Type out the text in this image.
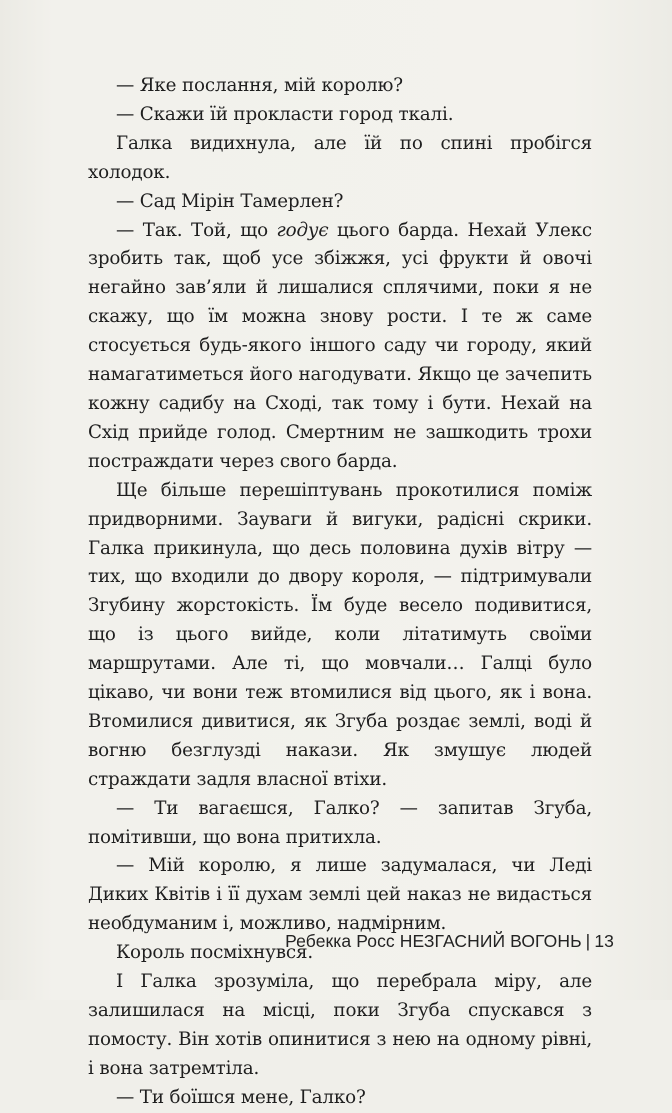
— Яке послання, мій королю?

— Скажи їй прокласти город ткалі.

Галка видихнула, але їй по спині пробігся холодок.

— Сад Мірін Тамерлен?

— Так. Той, що годує цього барда. Нехай Улекс зробить так, щоб усе збіжжя, усі фрукти й овочі негайно зав’яли й лишалися сплячими, поки я не скажу, що їм можна знову рости. І те ж саме стосується будь-якого іншого саду чи городу, який намагатиметься його нагодувати. Якщо це зачепить кожну садибу на Сході, так тому і бути. Нехай на Схід прийде голод. Смертним не зашкодить трохи постраждати через свого барда.

Ще більше перешіптувань прокотилися поміж придворними. Зауваги й вигуки, радісні скрики. Галка прикинула, що десь половина духів вітру — тих, що входили до двору короля, — підтримували Згубину жорстокість. Їм буде весело подивитися, що із цього вийде, коли літатимуть своїми маршрутами. Але ті, що мовчали… Галці було цікаво, чи вони теж втомилися від цього, як і вона. Втомилися дивитися, як Згуба роздає землі, воді й вогню безглузді накази. Як змушує людей страждати задля власної втіхи.

— Ти вагаєшся, Галко? — запитав Згуба, помітивши, що вона притихла.

— Мій королю, я лише задумалася, чи Леді Диких Квітів і її духам землі цей наказ не видасться необдуманим і, можливо, надмірним.

Король посміхнувся.

І Галка зрозуміла, що перебрала міру, але залишилася на місці, поки Згуба спускався з помосту. Він хотів опинитися з нею на одному рівні, і вона затремтіла.

— Ти боїшся мене, Галко?

Ребекка Росс НЕЗГАСНИЙ ВОГОНЬ | 13
